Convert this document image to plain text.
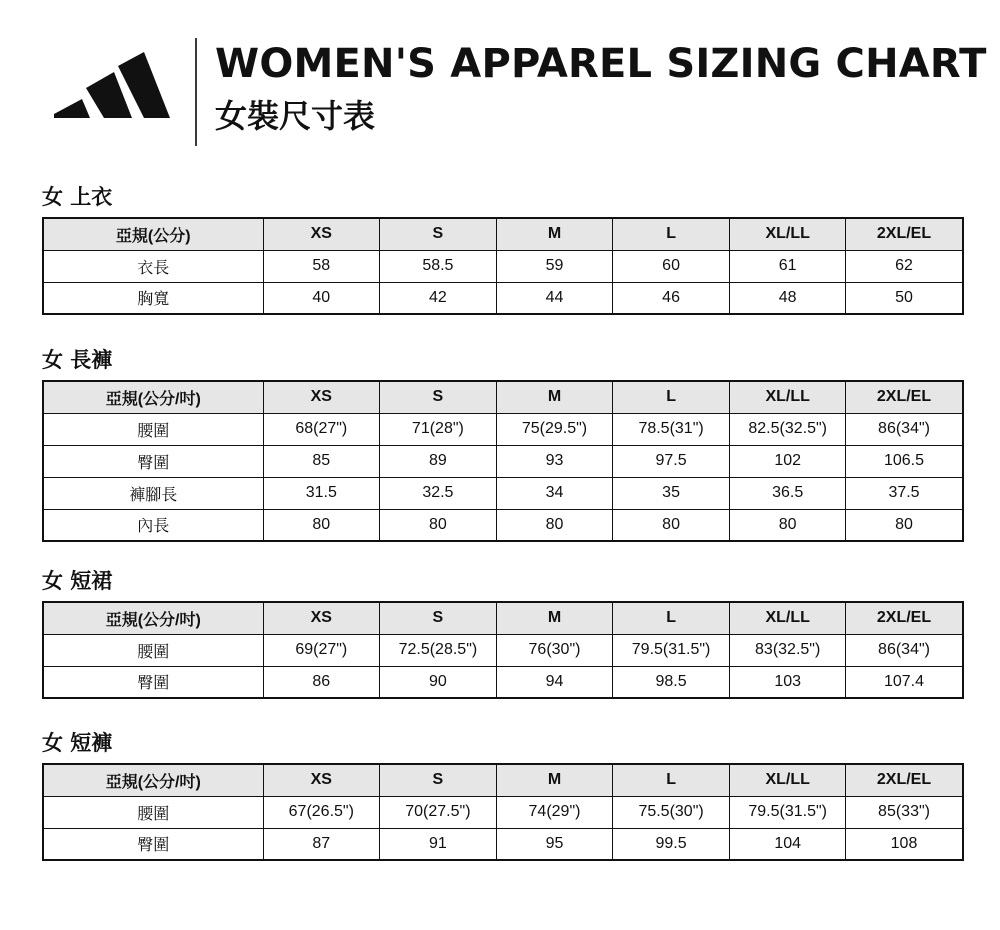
WOMEN'S APPAREL SIZING CHART
女裝尺寸表
女 上衣
亞規(公分)	XS	S	M	L	XL/LL	2XL/EL
衣長	58	58.5	59	60	61	62
胸寬	40	42	44	46	48	50
女 長褲
亞規(公分/吋)	XS	S	M	L	XL/LL	2XL/EL
腰圍	68(27")	71(28")	75(29.5")	78.5(31")	82.5(32.5")	86(34")
臀圍	85	89	93	97.5	102	106.5
褲腳長	31.5	32.5	34	35	36.5	37.5
內長	80	80	80	80	80	80
女 短裙
亞規(公分/吋)	XS	S	M	L	XL/LL	2XL/EL
腰圍	69(27")	72.5(28.5")	76(30")	79.5(31.5")	83(32.5")	86(34")
臀圍	86	90	94	98.5	103	107.4
女 短褲
亞規(公分/吋)	XS	S	M	L	XL/LL	2XL/EL
腰圍	67(26.5")	70(27.5")	74(29")	75.5(30")	79.5(31.5")	85(33")
臀圍	87	91	95	99.5	104	108
